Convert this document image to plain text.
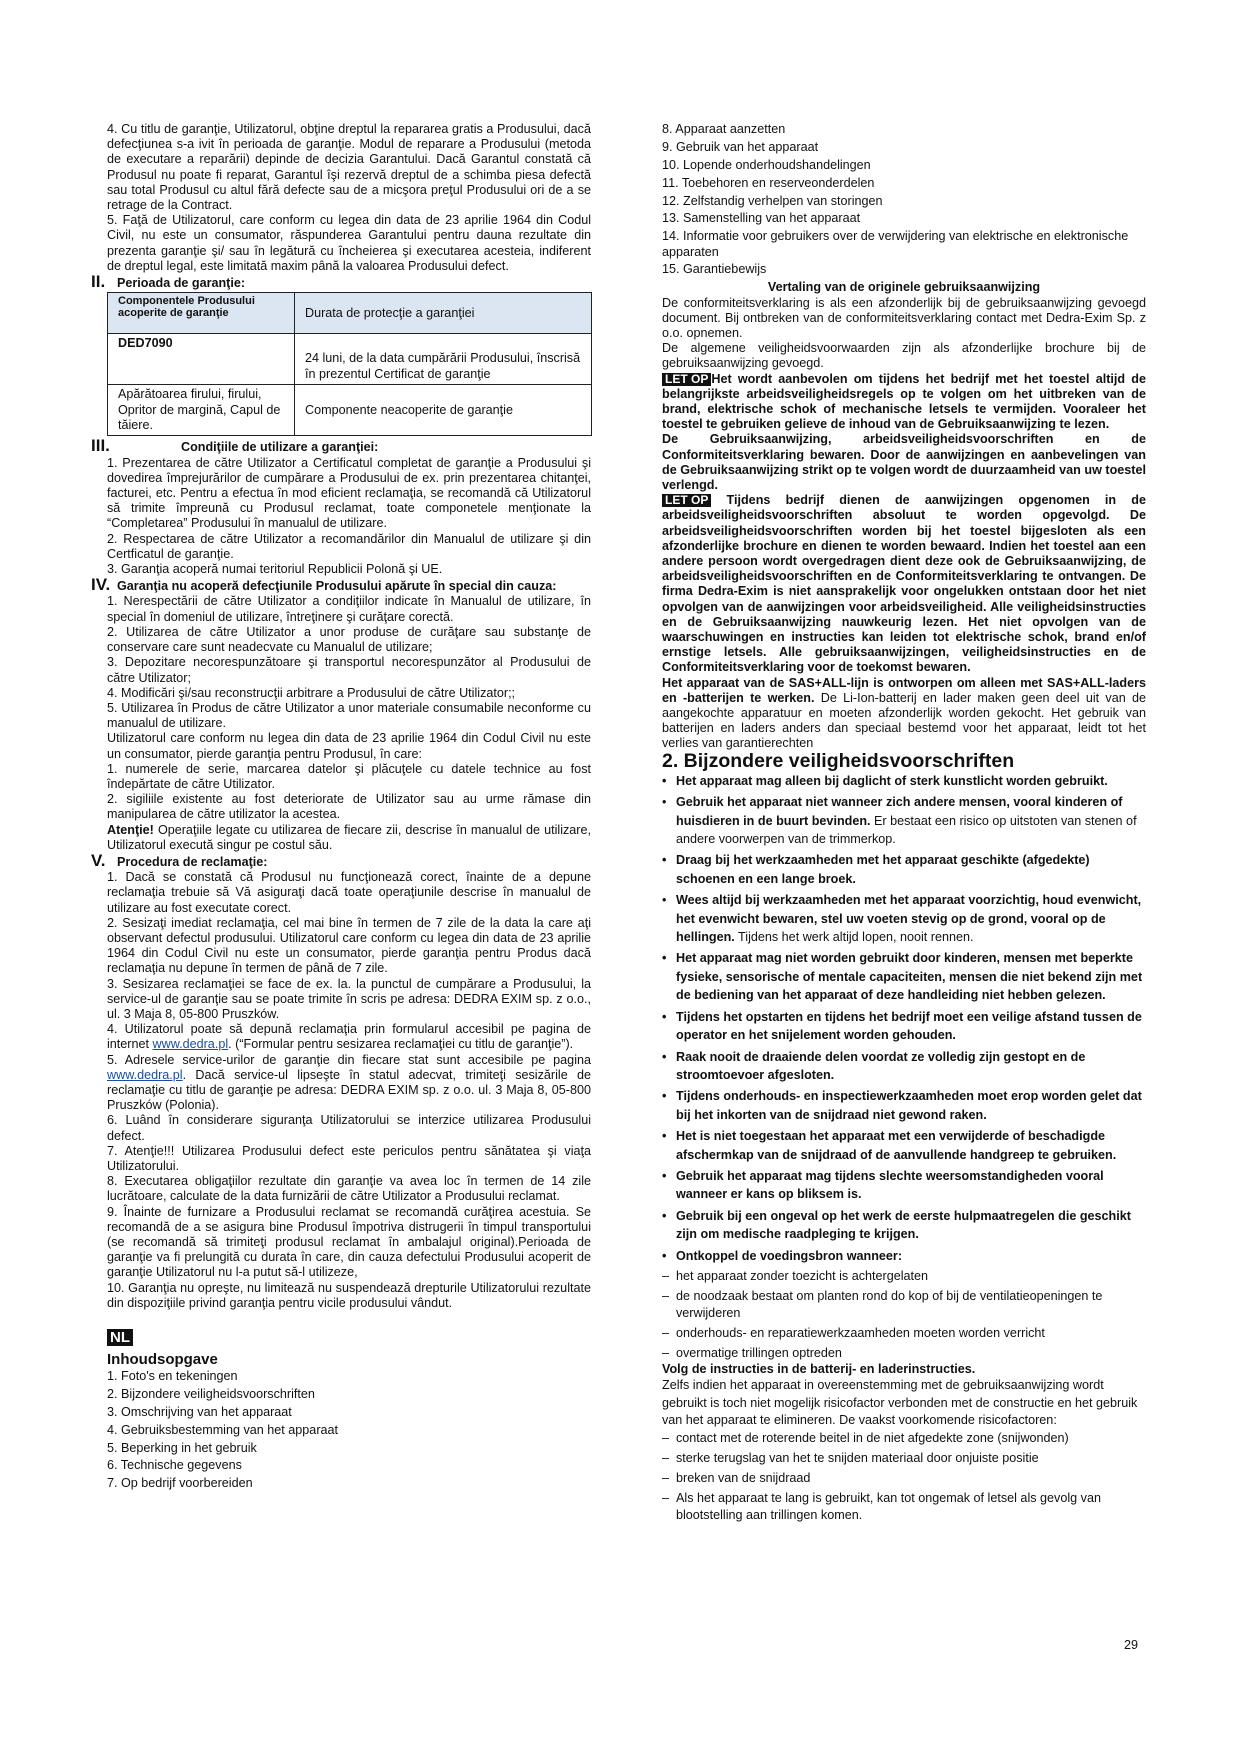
4. Cu titlu de garanţie, Utilizatorul, obţine dreptul la repararea gratis a Produsului, dacă defecţiunea s-a ivit în perioada de garanţie. Modul de reparare a Produsului (metoda de executare a reparării) depinde de decizia Garantului. Dacă Garantul constată că Produsul nu poate fi reparat, Garantul îşi rezervă dreptul de a schimba piesa defectă sau total Produsul cu altul fără defecte sau de a micşora preţul Produsului ori de a se retrage de la Contract.

5. Faţă de Utilizatorul, care conform cu legea din data de 23 aprilie 1964 din Codul Civil, nu este un consumator, răspunderea Garantului pentru dauna rezultate din prezenta garanţie şi/ sau în legătură cu încheierea şi executarea acesteia, indiferent de dreptul legal, este limitată maxim până la valoarea Produsului defect.

II. Perioada de garanţie:
Componentele Produsului acoperite de garanţie	Durata de protecţie a garanţiei
DED7090	24 luni, de la data cumpărării Produsului, înscrisă în prezentul Certificat de garanţie
Apărătoarea firului, firului, Opritor de margină, Capul de tăiere.	Componente neacoperite de garanţie
III.	Condiţiile de utilizare a garanţiei:

1. Prezentarea de către Utilizator a Certificatul completat de garanţie a Produsului şi dovedirea împrejurărilor de cumpărare a Produsului de ex. prin prezentarea chitanţei, facturei, etc. Pentru a efectua în mod eficient reclamaţia, se recomandă că Utilizatorul să trimite împreună cu Produsul reclamat, toate componetele menţionate la “Completarea” Produsului în manualul de utilizare.

2. Respectarea de către Utilizator a recomandărilor din Manualul de utilizare şi din Certficatul de garanţie.

3. Garanţia acoperă numai teritoriul Republicii Polonă şi UE.

IV. Garanţia nu acoperă defecţiunile Produsului apărute în special din cauza:

1. Nerespectării de către Utilizator a condiţiilor indicate în Manualul de utilizare, în special în domeniul de utilizare, întreţinere şi curăţare corectă.

2. Utilizarea de către Utilizator a unor produse de curăţare sau substanţe de conservare care sunt neadecvate cu Manualul de utilizare;

3. Depozitare necorespunzătoare şi transportul necorespunzător al Produsului de către Utilizator;

4. Modificări şi/sau reconstrucţii arbitrare a Produsului de către Utilizator;;

5. Utilizarea în Produs de către Utilizator a unor materiale consumabile neconforme cu manualul de utilizare.

Utilizatorul care conform nu legea din data de 23 aprilie 1964 din Codul Civil nu este un consumator, pierde garanţia pentru Produsul, în care:

1. numerele de serie, marcarea datelor şi plăcuţele cu datele technice au fost îndepărtate de către Utilizator.

2. sigiliile existente au fost deteriorate de Utilizator sau au urme rămase din manipularea de către utilizator la acestea.

Atenţie! Operaţiile legate cu utilizarea de fiecare zii, descrise în manualul de utilizare, Utilizatorul execută singur pe costul său.

V. Procedura de reclamaţie:

1. Dacă se constată că Produsul nu funcţionează corect, înainte de a depune reclamaţia trebuie să Vă asiguraţi dacă toate operaţiunile descrise în manualul de utilizare au fost executate corect.

2. Sesizaţi imediat reclamaţia, cel mai bine în termen de 7 zile de la data la care aţi observant defectul produsului. Utilizatorul care conform cu legea din data de 23 aprilie 1964 din Codul Civil nu este un consumator, pierde garanţia pentru Produs dacă reclamaţia nu depune în termen de până de 7 zile.

3. Sesizarea reclamaţiei se face de ex. la. la punctul de cumpărare a Produsului, la service-ul de garanţie sau se poate trimite în scris pe adresa: DEDRA EXIM sp. z o.o., ul. 3 Maja 8, 05-800 Pruszków.

4. Utilizatorul poate să depună reclamaţia prin formularul accesibil pe pagina de internet www.dedra.pl. (“Formular pentru sesizarea reclamaţiei cu titlu de garanţie”).

5. Adresele service-urilor de garanţie din fiecare stat sunt accesibile pe pagina www.dedra.pl. Dacă service-ul lipseşte în statul adecvat, trimiteţi sesizările de reclamaţie cu titlu de garanţie pe adresa: DEDRA EXIM sp. z o.o. ul. 3 Maja 8, 05-800 Pruszków (Polonia).

6. Luând în considerare siguranţa Utilizatorului se interzice utilizarea Produsului defect.

7. Atenţie!!! Utilizarea Produsului defect este periculos pentru sănătatea şi viaţa Utilizatorului.

8. Executarea obligaţiilor rezultate din garanţie va avea loc în termen de 14 zile lucrătoare, calculate de la data furnizării de către Utilizator a Produsului reclamat.

9. Înainte de furnizare a Produsului reclamat se recomandă curăţirea acestuia. Se recomandă de a se asigura bine Produsul împotriva distrugerii în timpul transportului (se recomandă să trimiteţi produsul reclamat în ambalajul original).Perioada de garanţie va fi prelungită cu durata în care, din cauza defectului Produsului acoperit de garanţie Utilizatorul nu l-a putut să-l utilizeze,

10. Garanţia nu opreşte, nu limitează nu suspendează drepturile Utilizatorului rezultate din dispoziţiile privind garanţia pentru vicile produsului vândut.

NL
Inhoudsopgave
1. Foto's en tekeningen
2. Bijzondere veiligheidsvoorschriften
3. Omschrijving van het apparaat
4. Gebruiksbestemming van het apparaat
5. Beperking in het gebruik
6. Technische gegevens
7. Op bedrijf voorbereiden
8. Apparaat aanzetten
9. Gebruik van het apparaat
10. Lopende onderhoudshandelingen
11. Toebehoren en reserveonderdelen
12. Zelfstandig verhelpen van storingen
13. Samenstelling van het apparaat
14. Informatie voor gebruikers over de verwijdering van elektrische en elektronische apparaten
15. Garantiebewijs

Vertaling van de originele gebruiksaanwijzing

De conformiteitsverklaring is als een afzonderlijk bij de gebruiksaanwijzing gevoegd document. Bij ontbreken van de conformiteitsverklaring contact met Dedra-Exim Sp. z o.o. opnemen.

De algemene veiligheidsvoorwaarden zijn als afzonderlijke brochure bij de gebruiksaanwijzing gevoegd.

LET OP Het wordt aanbevolen om tijdens het bedrijf met het toestel altijd de belangrijkste arbeidsveiligheidsregels op te volgen om het uitbreken van de brand, elektrische schok of mechanische letsels te vermijden. Vooraleer het toestel te gebruiken gelieve de inhoud van de Gebruiksaanwijzing te lezen.

De Gebruiksaanwijzing, arbeidsveiligheidsvoorschriften en de Conformiteitsverklaring bewaren. Door de aanwijzingen en aanbevelingen van de Gebruiksaanwijzing strikt op te volgen wordt de duurzaamheid van uw toestel verlengd.

LET OP Tijdens bedrijf dienen de aanwijzingen opgenomen in de arbeidsveiligheidsvoorschriften absoluut te worden opgevolgd. De arbeidsveiligheidsvoorschriften worden bij het toestel bijgesloten als een afzonderlijke brochure en dienen te worden bewaard. Indien het toestel aan een andere persoon wordt overgedragen dient deze ook de Gebruiksaanwijzing, de arbeidsveiligheidsvoorschriften en de Conformiteitsverklaring te ontvangen. De firma Dedra-Exim is niet aansprakelijk voor ongelukken ontstaan door het niet opvolgen van de aanwijzingen voor arbeidsveiligheid. Alle veiligheidsinstructies en de Gebruiksaanwijzing nauwkeurig lezen. Het niet opvolgen van de waarschuwingen en instructies kan leiden tot elektrische schok, brand en/of ernstige letsels. Alle gebruiksaanwijzingen, veiligheidsinstructies en de Conformiteitsverklaring voor de toekomst bewaren.

Het apparaat van de SAS+ALL-lijn is ontworpen om alleen met SAS+ALL-laders en -batterijen te werken. De Li-Ion-batterij en lader maken geen deel uit van de aangekochte apparatuur en moeten afzonderlijk worden gekocht. Het gebruik van batterijen en laders anders dan speciaal bestemd voor het apparaat, leidt tot het verlies van garantierechten

2. Bijzondere veiligheidsvoorschriften

• Het apparaat mag alleen bij daglicht of sterk kunstlicht worden gebruikt.

• Gebruik het apparaat niet wanneer zich andere mensen, vooral kinderen of huisdieren in de buurt bevinden. Er bestaat een risico op uitstoten van stenen of andere voorwerpen van de trimmerkop.

• Draag bij het werkzaamheden met het apparaat geschikte (afgedekte) schoenen en een lange broek.

• Wees altijd bij werkzaamheden met het apparaat voorzichtig, houd evenwicht, het evenwicht bewaren, stel uw voeten stevig op de grond, vooral op de hellingen. Tijdens het werk altijd lopen, nooit rennen.

• Het apparaat mag niet worden gebruikt door kinderen, mensen met beperkte fysieke, sensorische of mentale capaciteiten, mensen die niet bekend zijn met de bediening van het apparaat of deze handleiding niet hebben gelezen.

• Tijdens het opstarten en tijdens het bedrijf moet een veilige afstand tussen de operator en het snijelement worden gehouden.

• Raak nooit de draaiende delen voordat ze volledig zijn gestopt en de stroomtoevoer afgesloten.

• Tijdens onderhouds- en inspectiewerkzaamheden moet erop worden gelet dat bij het inkorten van de snijdraad niet gewond raken.

• Het is niet toegestaan het apparaat met een verwijderde of beschadigde afschermkap van de snijdraad of de aanvullende handgreep te gebruiken.

• Gebruik het apparaat mag tijdens slechte weersomstandigheden vooral wanneer er kans op bliksem is.

• Gebruik bij een ongeval op het werk de eerste hulpmaatregelen die geschikt zijn om medische raadpleging te krijgen.

• Ontkoppel de voedingsbron wanneer:

– het apparaat zonder toezicht is achtergelaten

– de noodzaak bestaat om planten rond do kop of bij de ventilatieopeningen te verwijderen

– onderhouds- en reparatiewerkzaamheden moeten worden verricht

– overmatige trillingen optreden

Volg de instructies in de batterij- en laderinstructies.

Zelfs indien het apparaat in overeenstemming met de gebruiksaanwijzing wordt gebruikt is toch niet mogelijk risicofactor verbonden met de constructie en het gebruik van het apparaat te elimineren. De vaakst voorkomende risicofactoren:

– contact met de roterende beitel in de niet afgedekte zone (snijwonden)

– sterke terugslag van het te snijden materiaal door onjuiste positie

– breken van de snijdraad

– Als het apparaat te lang is gebruikt, kan tot ongemak of letsel als gevolg van blootstelling aan trillingen komen.

29
